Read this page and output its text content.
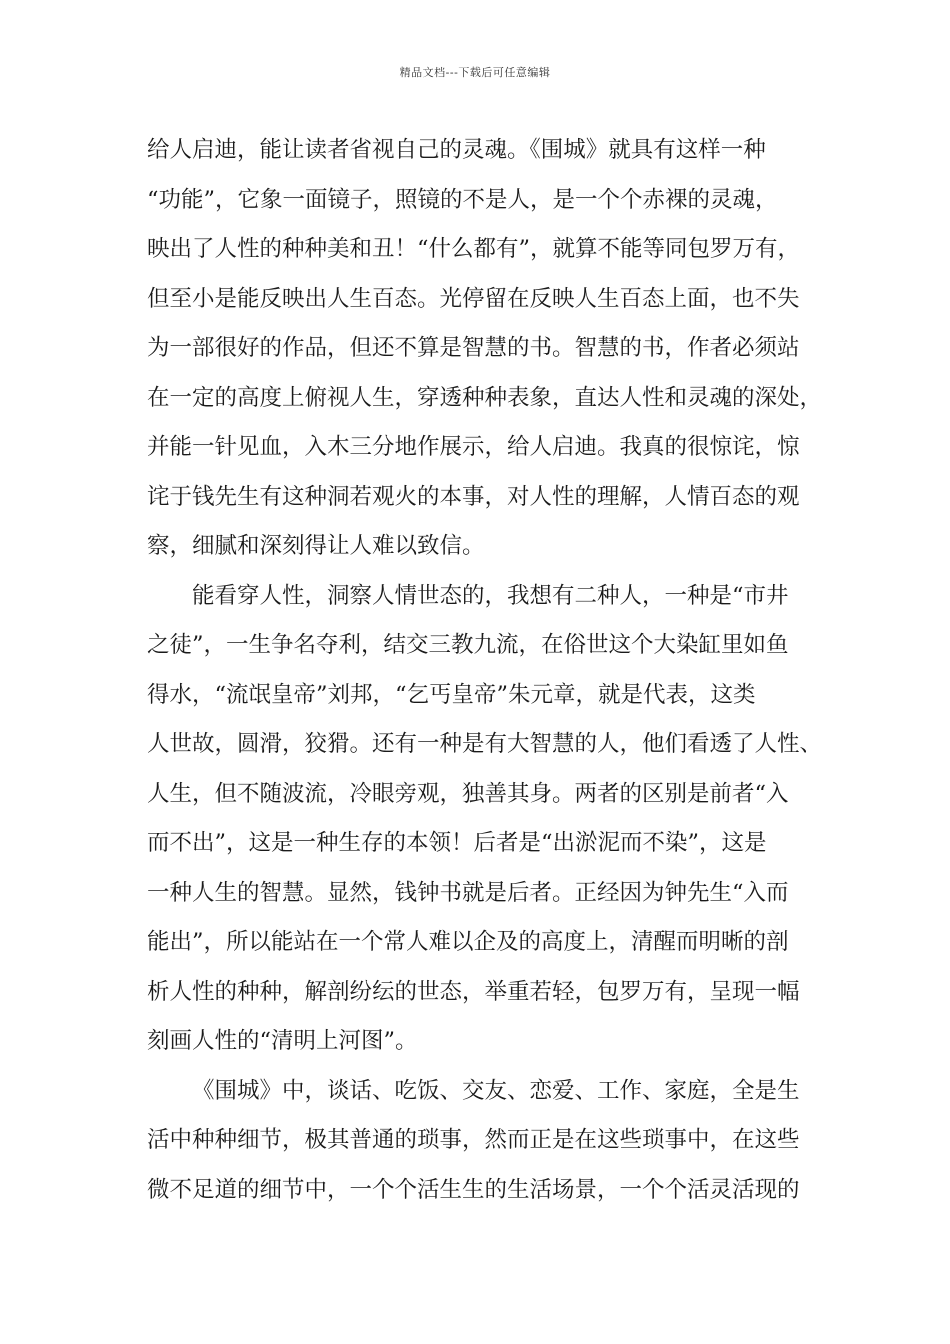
精品文档---下载后可任意编辑
给人启迪，能让读者省视自己的灵魂。《围城》就具有这样一种
“功能”，它象一面镜子，照镜的不是人，是一个个赤裸的灵魂，
映出了人性的种种美和丑！“什么都有”，就算不能等同包罗万有，
但至小是能反映出人生百态。光停留在反映人生百态上面，也不失
为一部很好的作品，但还不算是智慧的书。智慧的书，作者必须站
在一定的高度上俯视人生，穿透种种表象，直达人性和灵魂的深处，
并能一针见血，入木三分地作展示，给人启迪。我真的很惊诧，惊
诧于钱先生有这种洞若观火的本事，对人性的理解，人情百态的观
察，细腻和深刻得让人难以致信。
能看穿人性，洞察人情世态的，我想有二种人，一种是“市井
之徒”，一生争名夺利，结交三教九流，在俗世这个大染缸里如鱼
得水，“流氓皇帝”刘邦，“乞丐皇帝”朱元章，就是代表，这类
人世故，圆滑，狡猾。还有一种是有大智慧的人，他们看透了人性、
人生，但不随波流，冷眼旁观，独善其身。两者的区别是前者“入
而不出”，这是一种生存的本领！后者是“出淤泥而不染”，这是
一种人生的智慧。显然，钱钟书就是后者。正经因为钟先生“入而
能出”，所以能站在一个常人难以企及的高度上，清醒而明晰的剖
析人性的种种，解剖纷纭的世态，举重若轻，包罗万有，呈现一幅
刻画人性的“清明上河图”。
《围城》中，谈话、吃饭、交友、恋爱、工作、家庭，全是生
活中种种细节，极其普通的琐事，然而正是在这些琐事中，在这些
微不足道的细节中，一个个活生生的生活场景，一个个活灵活现的
